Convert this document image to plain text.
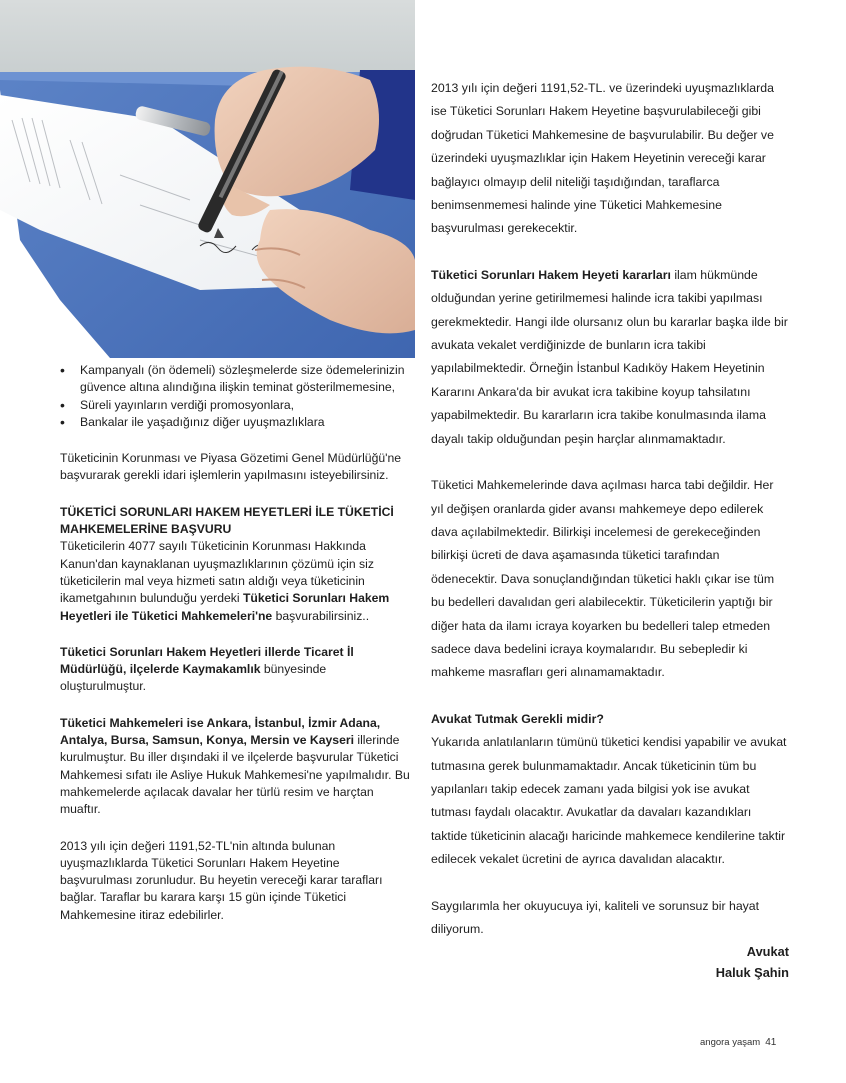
• Kampanyalı (ön ödemeli) sözleşmelerde size ödemelerinizin güvence altına alındığına ilişkin teminat gösterilmemesine,
• Süreli yayınların verdiği promosyonlara,
• Bankalar ile yaşadığınız diğer uyuşmazlıklara

Tüketicinin Korunması ve Piyasa Gözetimi Genel Müdürlüğü'ne başvurarak gerekli idari işlemlerin yapılmasını isteyebilirsiniz.

TÜKETİCİ SORUNLARI HAKEM HEYETLERİ İLE TÜKETİCİ MAHKEMELERİNE BAŞVURU

Tüketicilerin 4077 sayılı Tüketicinin Korunması Hakkında Kanun'dan kaynaklanan uyuşmazlıklarının çözümü için siz tüketicilerin mal veya hizmeti satın aldığı veya tüketicinin ikametgahının bulunduğu yerdeki Tüketici Sorunları Hakem Heyetleri ile Tüketici Mahkemeleri'ne başvurabilirsiniz..

Tüketici Sorunları Hakem Heyetleri illerde Ticaret İl Müdürlüğü, ilçelerde Kaymakamlık bünyesinde oluşturulmuştur.

Tüketici Mahkemeleri ise Ankara, İstanbul, İzmir Adana, Antalya, Bursa, Samsun, Konya, Mersin ve Kayseri illerinde kurulmuştur. Bu iller dışındaki il ve ilçelerde başvurular Tüketici Mahkemesi sıfatı ile Asliye Hukuk Mahkemesi'ne yapılmalıdır. Bu mahkemelerde açılacak davalar her türlü resim ve harçtan muaftır.

2013 yılı için değeri 1191,52-TL'nin altında bulunan uyuşmazlıklarda Tüketici Sorunları Hakem Heyetine başvurulması zorunludur. Bu heyetin vereceği karar tarafları bağlar. Taraflar bu karara karşı 15 gün içinde Tüketici Mahkemesine itiraz edebilirler.

2013 yılı için değeri 1191,52-TL. ve üzerindeki uyuşmazlıklarda ise Tüketici Sorunları Hakem Heyetine başvurulabileceği gibi doğrudan Tüketici Mahkemesine de başvurulabilir. Bu değer ve üzerindeki uyuşmazlıklar için Hakem Heyetinin vereceği karar bağlayıcı olmayıp delil niteliği taşıdığından, taraflarca benimsenmemesi halinde yine Tüketici Mahkemesine başvurulması gerekecektir.

Tüketici Sorunları Hakem Heyeti kararları ilam hükmünde olduğundan yerine getirilmemesi halinde icra takibi yapılması gerekmektedir. Hangi ilde olursanız olun bu kararlar başka ilde bir avukata vekalet verdiğinizde de bunların icra takibi yapılabilmektedir. Örneğin İstanbul Kadıköy Hakem Heyetinin Kararını Ankara'da bir avukat icra takibine koyup tahsilatını yapabilmektedir. Bu kararların icra takibe konulmasında ilama dayalı takip olduğundan peşin harçlar alınmamaktadır.

Tüketici Mahkemelerinde dava açılması harca tabi değildir. Her yıl değişen oranlarda gider avansı mahkemeye depo edilerek dava açılabilmektedir. Bilirkişi incelemesi de gerekeceğinden bilirkişi ücreti de dava aşamasında tüketici tarafından ödenecektir. Dava sonuçlandığından tüketici haklı çıkar ise tüm bu bedelleri davalıdan geri alabilecektir. Tüketicilerin yaptığı bir diğer hata da ilamı icraya koyarken bu bedelleri talep etmeden sadece dava bedelini icraya koymalarıdır. Bu sebepledir ki mahkeme masrafları geri alınamamaktadır.

Avukat Tutmak Gerekli midir?

Yukarıda anlatılanların tümünü tüketici kendisi yapabilir ve avukat tutmasına gerek bulunmamaktadır. Ancak tüketicinin tüm bu yapılanları takip edecek zamanı yada bilgisi yok ise avukat tutması faydalı olacaktır. Avukatlar da davaları kazandıkları taktide tüketicinin alacağı haricinde mahkemece kendilerine taktir edilecek vekalet ücretini de ayrıca davalıdan alacaktır.

Saygılarımla her okuyucuya iyi, kaliteli ve sorunsuz bir hayat diliyorum.

Avukat
Haluk Şahin
angora yaşam 41
